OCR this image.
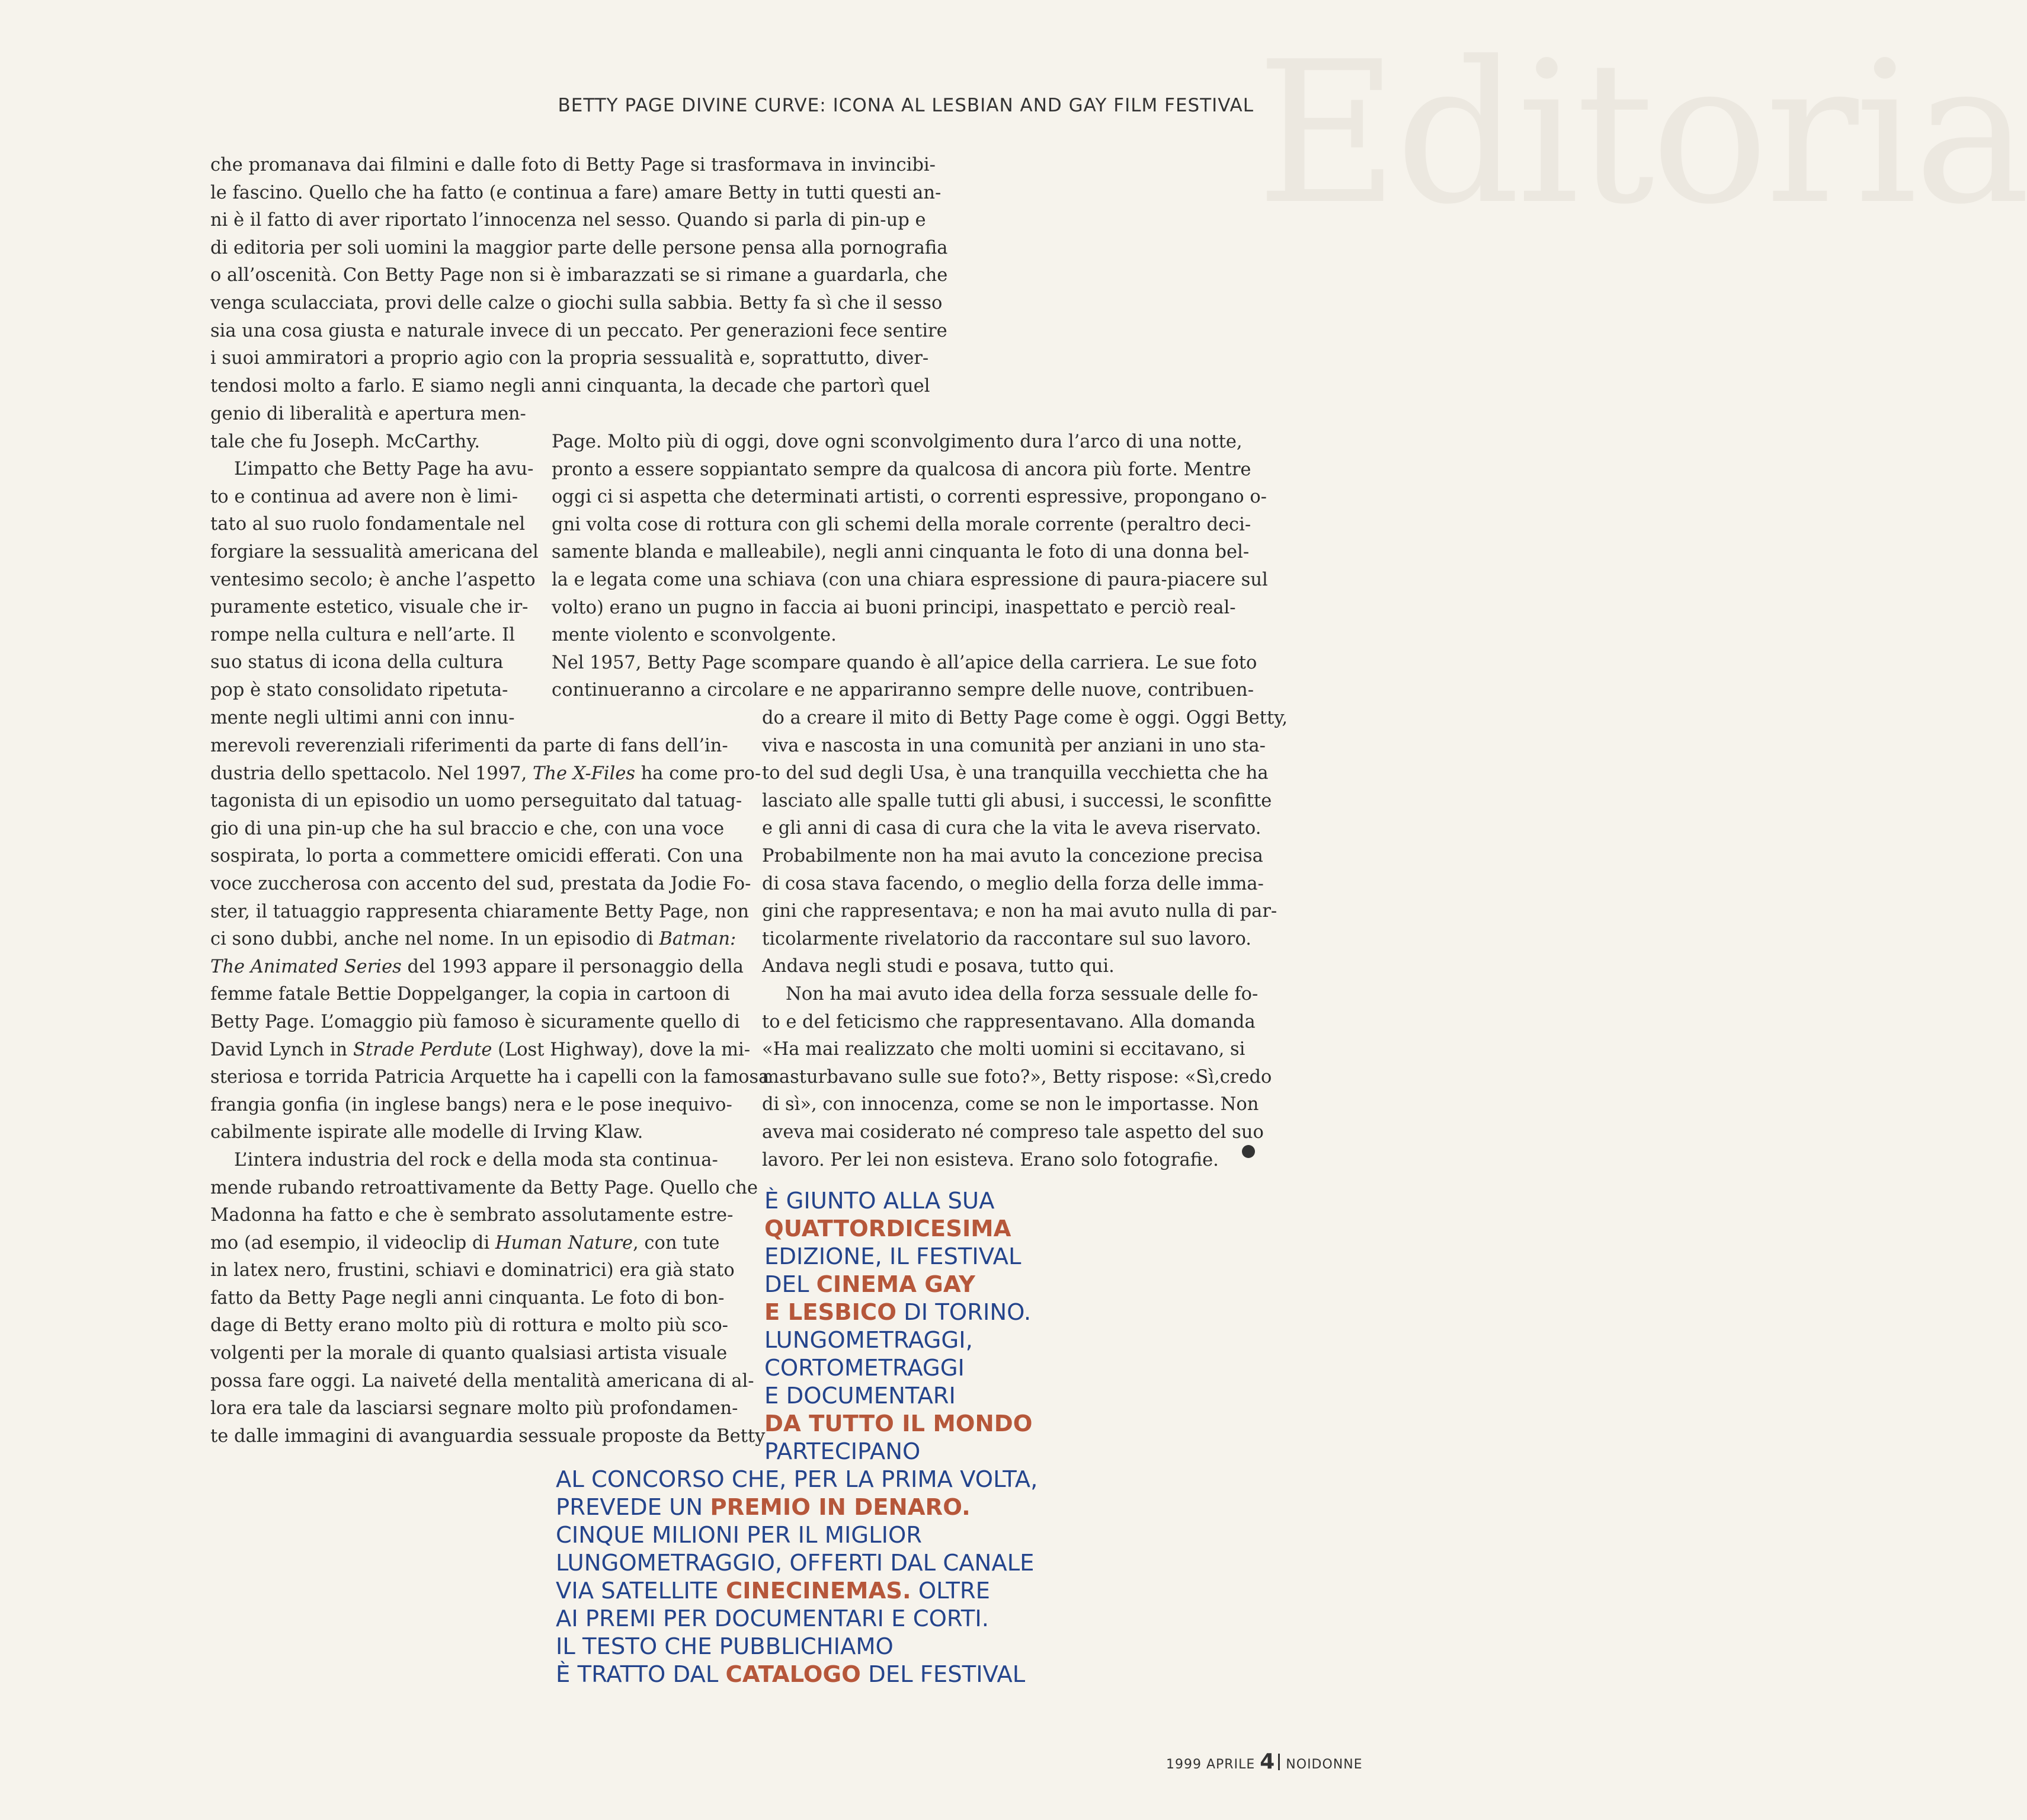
Editoria
BETTY PAGE DIVINE CURVE: ICONA AL LESBIAN AND GAY FILM FESTIVAL
che promanava dai filmini e dalle foto di Betty Page si trasformava in invincibi-
le fascino. Quello che ha fatto (e continua a fare) amare Betty in tutti questi an-
ni è il fatto di aver riportato l’innocenza nel sesso. Quando si parla di pin-up e
di editoria per soli uomini la maggior parte delle persone pensa alla pornografia
o all’oscenità. Con Betty Page non si è imbarazzati se si rimane a guardarla, che
venga sculacciata, provi delle calze o giochi sulla sabbia. Betty fa sì che il sesso
sia una cosa giusta e naturale invece di un peccato. Per generazioni fece sentire
i suoi ammiratori a proprio agio con la propria sessualità e, soprattutto, diver-
tendosi molto a farlo. E siamo negli anni cinquanta, la decade che partorì quel
genio di liberalità e apertura men-
tale che fu Joseph. McCarthy.
L’impatto che Betty Page ha avu-
to e continua ad avere non è limi-
tato al suo ruolo fondamentale nel
forgiare la sessualità americana del
ventesimo secolo; è anche l’aspetto
puramente estetico, visuale che ir-
rompe nella cultura e nell’arte. Il
suo status di icona della cultura
pop è stato consolidato ripetuta-
mente negli ultimi anni con innu-
Page. Molto più di oggi, dove ogni sconvolgimento dura l’arco di una notte,
pronto a essere soppiantato sempre da qualcosa di ancora più forte. Mentre
oggi ci si aspetta che determinati artisti, o correnti espressive, propongano o-
gni volta cose di rottura con gli schemi della morale corrente (peraltro deci-
samente blanda e malleabile), negli anni cinquanta le foto di una donna bel-
la e legata come una schiava (con una chiara espressione di paura-piacere sul
volto) erano un pugno in faccia ai buoni principi, inaspettato e perciò real-
mente violento e sconvolgente.
Nel 1957, Betty Page scompare quando è all’apice della carriera. Le sue foto
continueranno a circolare e ne appariranno sempre delle nuove, contribuen-
merevoli reverenziali riferimenti da parte di fans dell’in-
dustria dello spettacolo. Nel 1997, The X-Files ha come pro-
tagonista di un episodio un uomo perseguitato dal tatuag-
gio di una pin-up che ha sul braccio e che, con una voce
sospirata, lo porta a commettere omicidi efferati. Con una
voce zuccherosa con accento del sud, prestata da Jodie Fo-
ster, il tatuaggio rappresenta chiaramente Betty Page, non
ci sono dubbi, anche nel nome. In un episodio di Batman:
The Animated Series del 1993 appare il personaggio della
femme fatale Bettie Doppelganger, la copia in cartoon di
Betty Page. L’omaggio più famoso è sicuramente quello di
David Lynch in Strade Perdute (Lost Highway), dove la mi-
steriosa e torrida Patricia Arquette ha i capelli con la famosa
frangia gonfia (in inglese bangs) nera e le pose inequivo-
cabilmente ispirate alle modelle di Irving Klaw.
L’intera industria del rock e della moda sta continua-
mende rubando retroattivamente da Betty Page. Quello che
Madonna ha fatto e che è sembrato assolutamente estre-
mo (ad esempio, il videoclip di Human Nature, con tute
in latex nero, frustini, schiavi e dominatrici) era già stato
fatto da Betty Page negli anni cinquanta. Le foto di bon-
dage di Betty erano molto più di rottura e molto più sco-
volgenti per la morale di quanto qualsiasi artista visuale
possa fare oggi. La naiveté della mentalità americana di al-
lora era tale da lasciarsi segnare molto più profondamen-
te dalle immagini di avanguardia sessuale proposte da Betty
do a creare il mito di Betty Page come è oggi. Oggi Betty,
viva e nascosta in una comunità per anziani in uno sta-
to del sud degli Usa, è una tranquilla vecchietta che ha
lasciato alle spalle tutti gli abusi, i successi, le sconfitte
e gli anni di casa di cura che la vita le aveva riservato.
Probabilmente non ha mai avuto la concezione precisa
di cosa stava facendo, o meglio della forza delle imma-
gini che rappresentava; e non ha mai avuto nulla di par-
ticolarmente rivelatorio da raccontare sul suo lavoro.
Andava negli studi e posava, tutto qui.
Non ha mai avuto idea della forza sessuale delle fo-
to e del feticismo che rappresentavano. Alla domanda
«Ha mai realizzato che molti uomini si eccitavano, si
masturbavano sulle sue foto?», Betty rispose: «Sì,credo
di sì», con innocenza, come se non le importasse. Non
aveva mai cosiderato né compreso tale aspetto del suo
lavoro. Per lei non esisteva. Erano solo fotografie.
È GIUNTO ALLA SUA
QUATTORDICESIMA
EDIZIONE, IL FESTIVAL
DEL CINEMA GAY
E LESBICO DI TORINO.
LUNGOMETRAGGI,
CORTOMETRAGGI
E DOCUMENTARI
DA TUTTO IL MONDO
PARTECIPANO
AL CONCORSO CHE, PER LA PRIMA VOLTA,
PREVEDE UN PREMIO IN DENARO.
CINQUE MILIONI PER IL MIGLIOR
LUNGOMETRAGGIO, OFFERTI DAL CANALE
VIA SATELLITE CINECINEMAS. OLTRE
AI PREMI PER DOCUMENTARI E CORTI.
IL TESTO CHE PUBBLICHIAMO
È TRATTO DAL CATALOGO DEL FESTIVAL
1999 APRILE 4 NOIDONNE
